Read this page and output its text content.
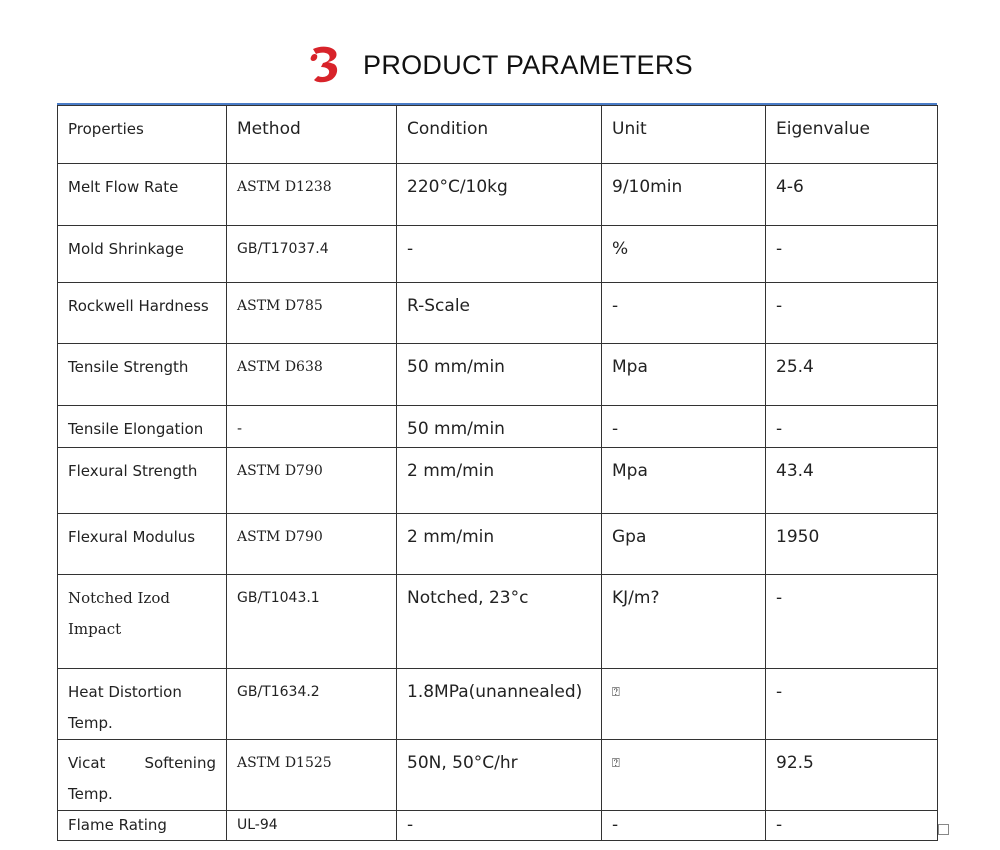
PRODUCT PARAMETERS
Properties	Method	Condition	Unit	Eigenvalue
Melt Flow Rate	ASTM D1238	220°C/10kg	9/10min	4-6
Mold Shrinkage	GB/T17037.4	-	%	-
Rockwell Hardness	ASTM D785	R-Scale	-	-
Tensile Strength	ASTM D638	50 mm/min	Mpa	25.4
Tensile Elongation	-	50 mm/min	-	-
Flexural Strength	ASTM D790	2 mm/min	Mpa	43.4
Flexural Modulus	ASTM D790	2 mm/min	Gpa	1950
Notched Izod Impact	GB/T1043.1	Notched, 23°c	KJ/m?	-
Heat Distortion Temp.	GB/T1634.2	1.8MPa(unannealed)	⍰	-
Vicat Softening Temp.	ASTM D1525	50N, 50°C/hr	⍰	92.5
Flame Rating	UL-94	-	-	-
